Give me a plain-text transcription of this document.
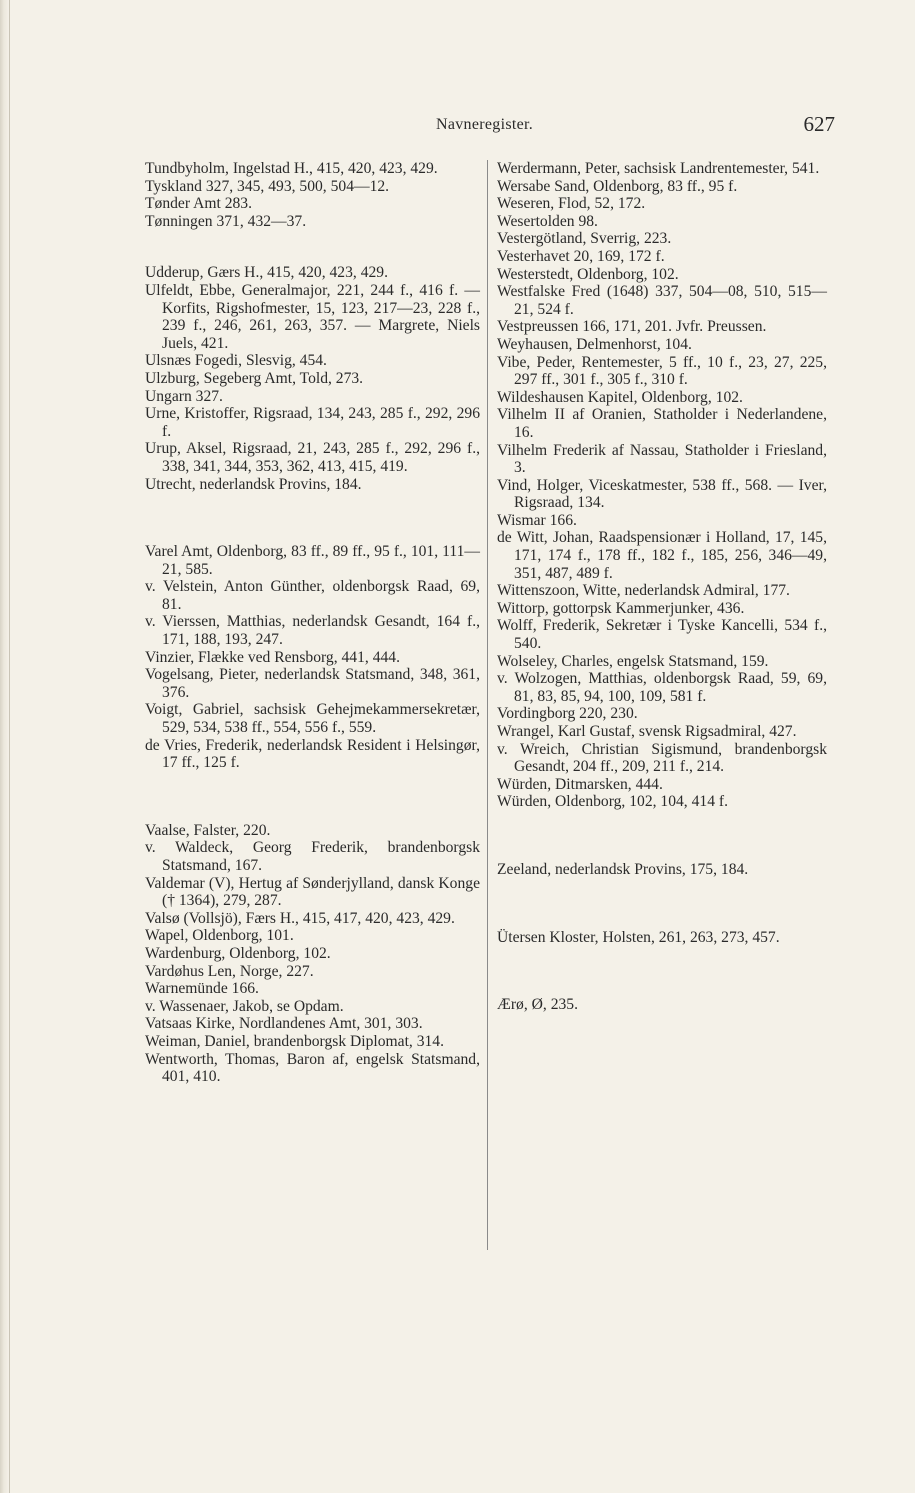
Navneregister.	627

Tundbyholm, Ingelstad H., 415, 420, 423, 429.

Tyskland 327, 345, 493, 500, 504—12.

Tønder Amt 283.

Tønningen 371, 432—37.

Udderup, Gærs H., 415, 420, 423, 429.

Ulfeldt, Ebbe, Generalmajor, 221, 244 f., 416 f. — Korfits, Rigshofmester, 15, 123, 217—23, 228 f., 239 f., 246, 261, 263, 357. — Margrete, Niels Juels, 421.

Ulsnæs Fogedi, Slesvig, 454.

Ulzburg, Segeberg Amt, Told, 273.

Ungarn 327.

Urne, Kristoffer, Rigsraad, 134, 243, 285 f., 292, 296 f.

Urup, Aksel, Rigsraad, 21, 243, 285 f., 292, 296 f., 338, 341, 344, 353, 362, 413, 415, 419.

Utrecht, nederlandsk Provins, 184.

Varel Amt, Oldenborg, 83 ff., 89 ff., 95 f., 101, 111—21, 585.

v. Velstein, Anton Günther, oldenborgsk Raad, 69, 81.

v. Vierssen, Matthias, nederlandsk Gesandt, 164 f., 171, 188, 193, 247.

Vinzier, Flække ved Rensborg, 441, 444.

Vogelsang, Pieter, nederlandsk Statsmand, 348, 361, 376.

Voigt, Gabriel, sachsisk Gehejmekammersekretær, 529, 534, 538 ff., 554, 556 f., 559.

de Vries, Frederik, nederlandsk Resident i Helsingør, 17 ff., 125 f.

Vaalse, Falster, 220.

v. Waldeck, Georg Frederik, brandenborgsk Statsmand, 167.

Valdemar (V), Hertug af Sønderjylland, dansk Konge († 1364), 279, 287.

Valsø (Vollsjö), Færs H., 415, 417, 420, 423, 429.

Wapel, Oldenborg, 101.

Wardenburg, Oldenborg, 102.

Vardøhus Len, Norge, 227.

Warnemünde 166.

v. Wassenaer, Jakob, se Opdam.

Vatsaas Kirke, Nordlandenes Amt, 301, 303.

Weiman, Daniel, brandenborgsk Diplomat, 314.

Wentworth, Thomas, Baron af, engelsk Statsmand, 401, 410.

Werdermann, Peter, sachsisk Landrentemester, 541.

Wersabe Sand, Oldenborg, 83 ff., 95 f.

Weseren, Flod, 52, 172.

Wesertolden 98.

Vestergötland, Sverrig, 223.

Vesterhavet 20, 169, 172 f.

Westerstedt, Oldenborg, 102.

Westfalske Fred (1648) 337, 504—08, 510, 515—21, 524 f.

Vestpreussen 166, 171, 201. Jvfr. Preussen.

Weyhausen, Delmenhorst, 104.

Vibe, Peder, Rentemester, 5 ff., 10 f., 23, 27, 225, 297 ff., 301 f., 305 f., 310 f.

Wildeshausen Kapitel, Oldenborg, 102.

Vilhelm II af Oranien, Statholder i Nederlandene, 16.

Vilhelm Frederik af Nassau, Statholder i Friesland, 3.

Vind, Holger, Viceskatmester, 538 ff., 568. — Iver, Rigsraad, 134.

Wismar 166.

de Witt, Johan, Raadspensionær i Holland, 17, 145, 171, 174 f., 178 ff., 182 f., 185, 256, 346—49, 351, 487, 489 f.

Wittenszoon, Witte, nederlandsk Admiral, 177.

Wittorp, gottorpsk Kammerjunker, 436.

Wolff, Frederik, Sekretær i Tyske Kancelli, 534 f., 540.

Wolseley, Charles, engelsk Statsmand, 159.

v. Wolzogen, Matthias, oldenborgsk Raad, 59, 69, 81, 83, 85, 94, 100, 109, 581 f.

Vordingborg 220, 230.

Wrangel, Karl Gustaf, svensk Rigsadmiral, 427.

v. Wreich, Christian Sigismund, brandenborgsk Gesandt, 204 ff., 209, 211 f., 214.

Würden, Ditmarsken, 444.

Würden, Oldenborg, 102, 104, 414 f.

Zeeland, nederlandsk Provins, 175, 184.

Ütersen Kloster, Holsten, 261, 263, 273, 457.

Ærø, Ø, 235.
